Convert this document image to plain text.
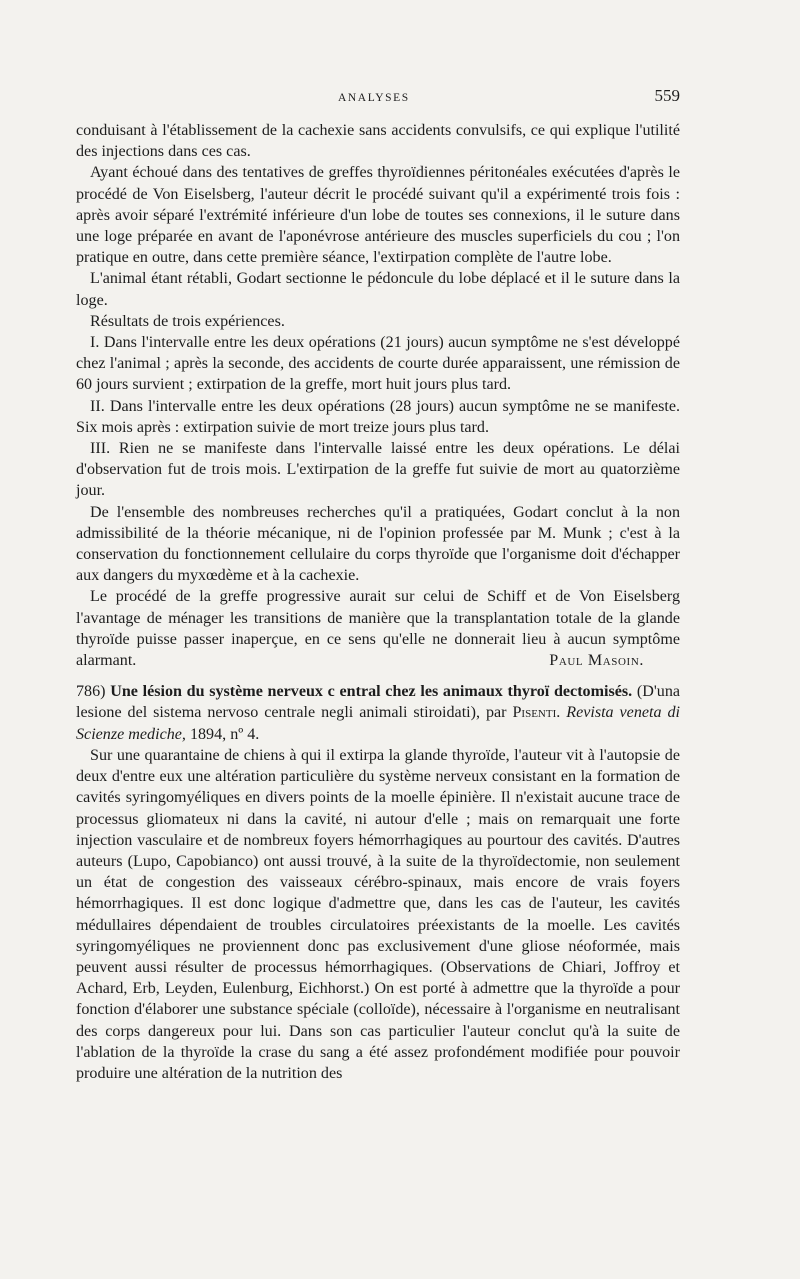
ANALYSES	559

conduisant à l'établissement de la cachexie sans accidents convulsifs, ce qui explique l'utilité des injections dans ces cas.

Ayant échoué dans des tentatives de greffes thyroïdiennes péritonéales exécutées d'après le procédé de Von Eiselsberg, l'auteur décrit le procédé suivant qu'il a expérimenté trois fois : après avoir séparé l'extrémité inférieure d'un lobe de toutes ses connexions, il le suture dans une loge préparée en avant de l'aponévrose antérieure des muscles superficiels du cou ; l'on pratique en outre, dans cette première séance, l'extirpation complète de l'autre lobe.

L'animal étant rétabli, Godart sectionne le pédoncule du lobe déplacé et il le suture dans la loge.

Résultats de trois expériences.

I. Dans l'intervalle entre les deux opérations (21 jours) aucun symptôme ne s'est développé chez l'animal ; après la seconde, des accidents de courte durée apparaissent, une rémission de 60 jours survient ; extirpation de la greffe, mort huit jours plus tard.

II. Dans l'intervalle entre les deux opérations (28 jours) aucun symptôme ne se manifeste. Six mois après : extirpation suivie de mort treize jours plus tard.

III. Rien ne se manifeste dans l'intervalle laissé entre les deux opérations. Le délai d'observation fut de trois mois. L'extirpation de la greffe fut suivie de mort au quatorzième jour.

De l'ensemble des nombreuses recherches qu'il a pratiquées, Godart conclut à la non admissibilité de la théorie mécanique, ni de l'opinion professée par M. Munk ; c'est à la conservation du fonctionnement cellulaire du corps thyroïde que l'organisme doit d'échapper aux dangers du myxœdème et à la cachexie.

Le procédé de la greffe progressive aurait sur celui de Schiff et de Von Eiselsberg l'avantage de ménager les transitions de manière que la transplantation totale de la glande thyroïde puisse passer inaperçue, en ce sens qu'elle ne donnerait lieu à aucun symptôme alarmant.	Paul Masoin.

786) Une lésion du système nerveux c entral chez les animaux thyroï dectomisés. (D'una lesione del sistema nervoso centrale negli animali stiroidati), par Pisenti. Revista veneta di Scienze mediche, 1894, nº 4.

Sur une quarantaine de chiens à qui il extirpa la glande thyroïde, l'auteur vit à l'autopsie de deux d'entre eux une altération particulière du système nerveux consistant en la formation de cavités syringomyéliques en divers points de la moelle épinière. Il n'existait aucune trace de processus gliomateux ni dans la cavité, ni autour d'elle ; mais on remarquait une forte injection vasculaire et de nombreux foyers hémorrhagiques au pourtour des cavités. D'autres auteurs (Lupo, Capobianco) ont aussi trouvé, à la suite de la thyroïdectomie, non seulement un état de congestion des vaisseaux cérébro-spinaux, mais encore de vrais foyers hémorrhagiques. Il est donc logique d'admettre que, dans les cas de l'auteur, les cavités médullaires dépendaient de troubles circulatoires préexistants de la moelle. Les cavités syringomyéliques ne proviennent donc pas exclusivement d'une gliose néoformée, mais peuvent aussi résulter de processus hémorrhagiques. (Observations de Chiari, Joffroy et Achard, Erb, Leyden, Eulenburg, Eichhorst.) On est porté à admettre que la thyroïde a pour fonction d'élaborer une substance spéciale (colloïde), nécessaire à l'organisme en neutralisant des corps dangereux pour lui. Dans son cas particulier l'auteur conclut qu'à la suite de l'ablation de la thyroïde la crase du sang a été assez profondément modifiée pour pouvoir produire une altération de la nutrition des
